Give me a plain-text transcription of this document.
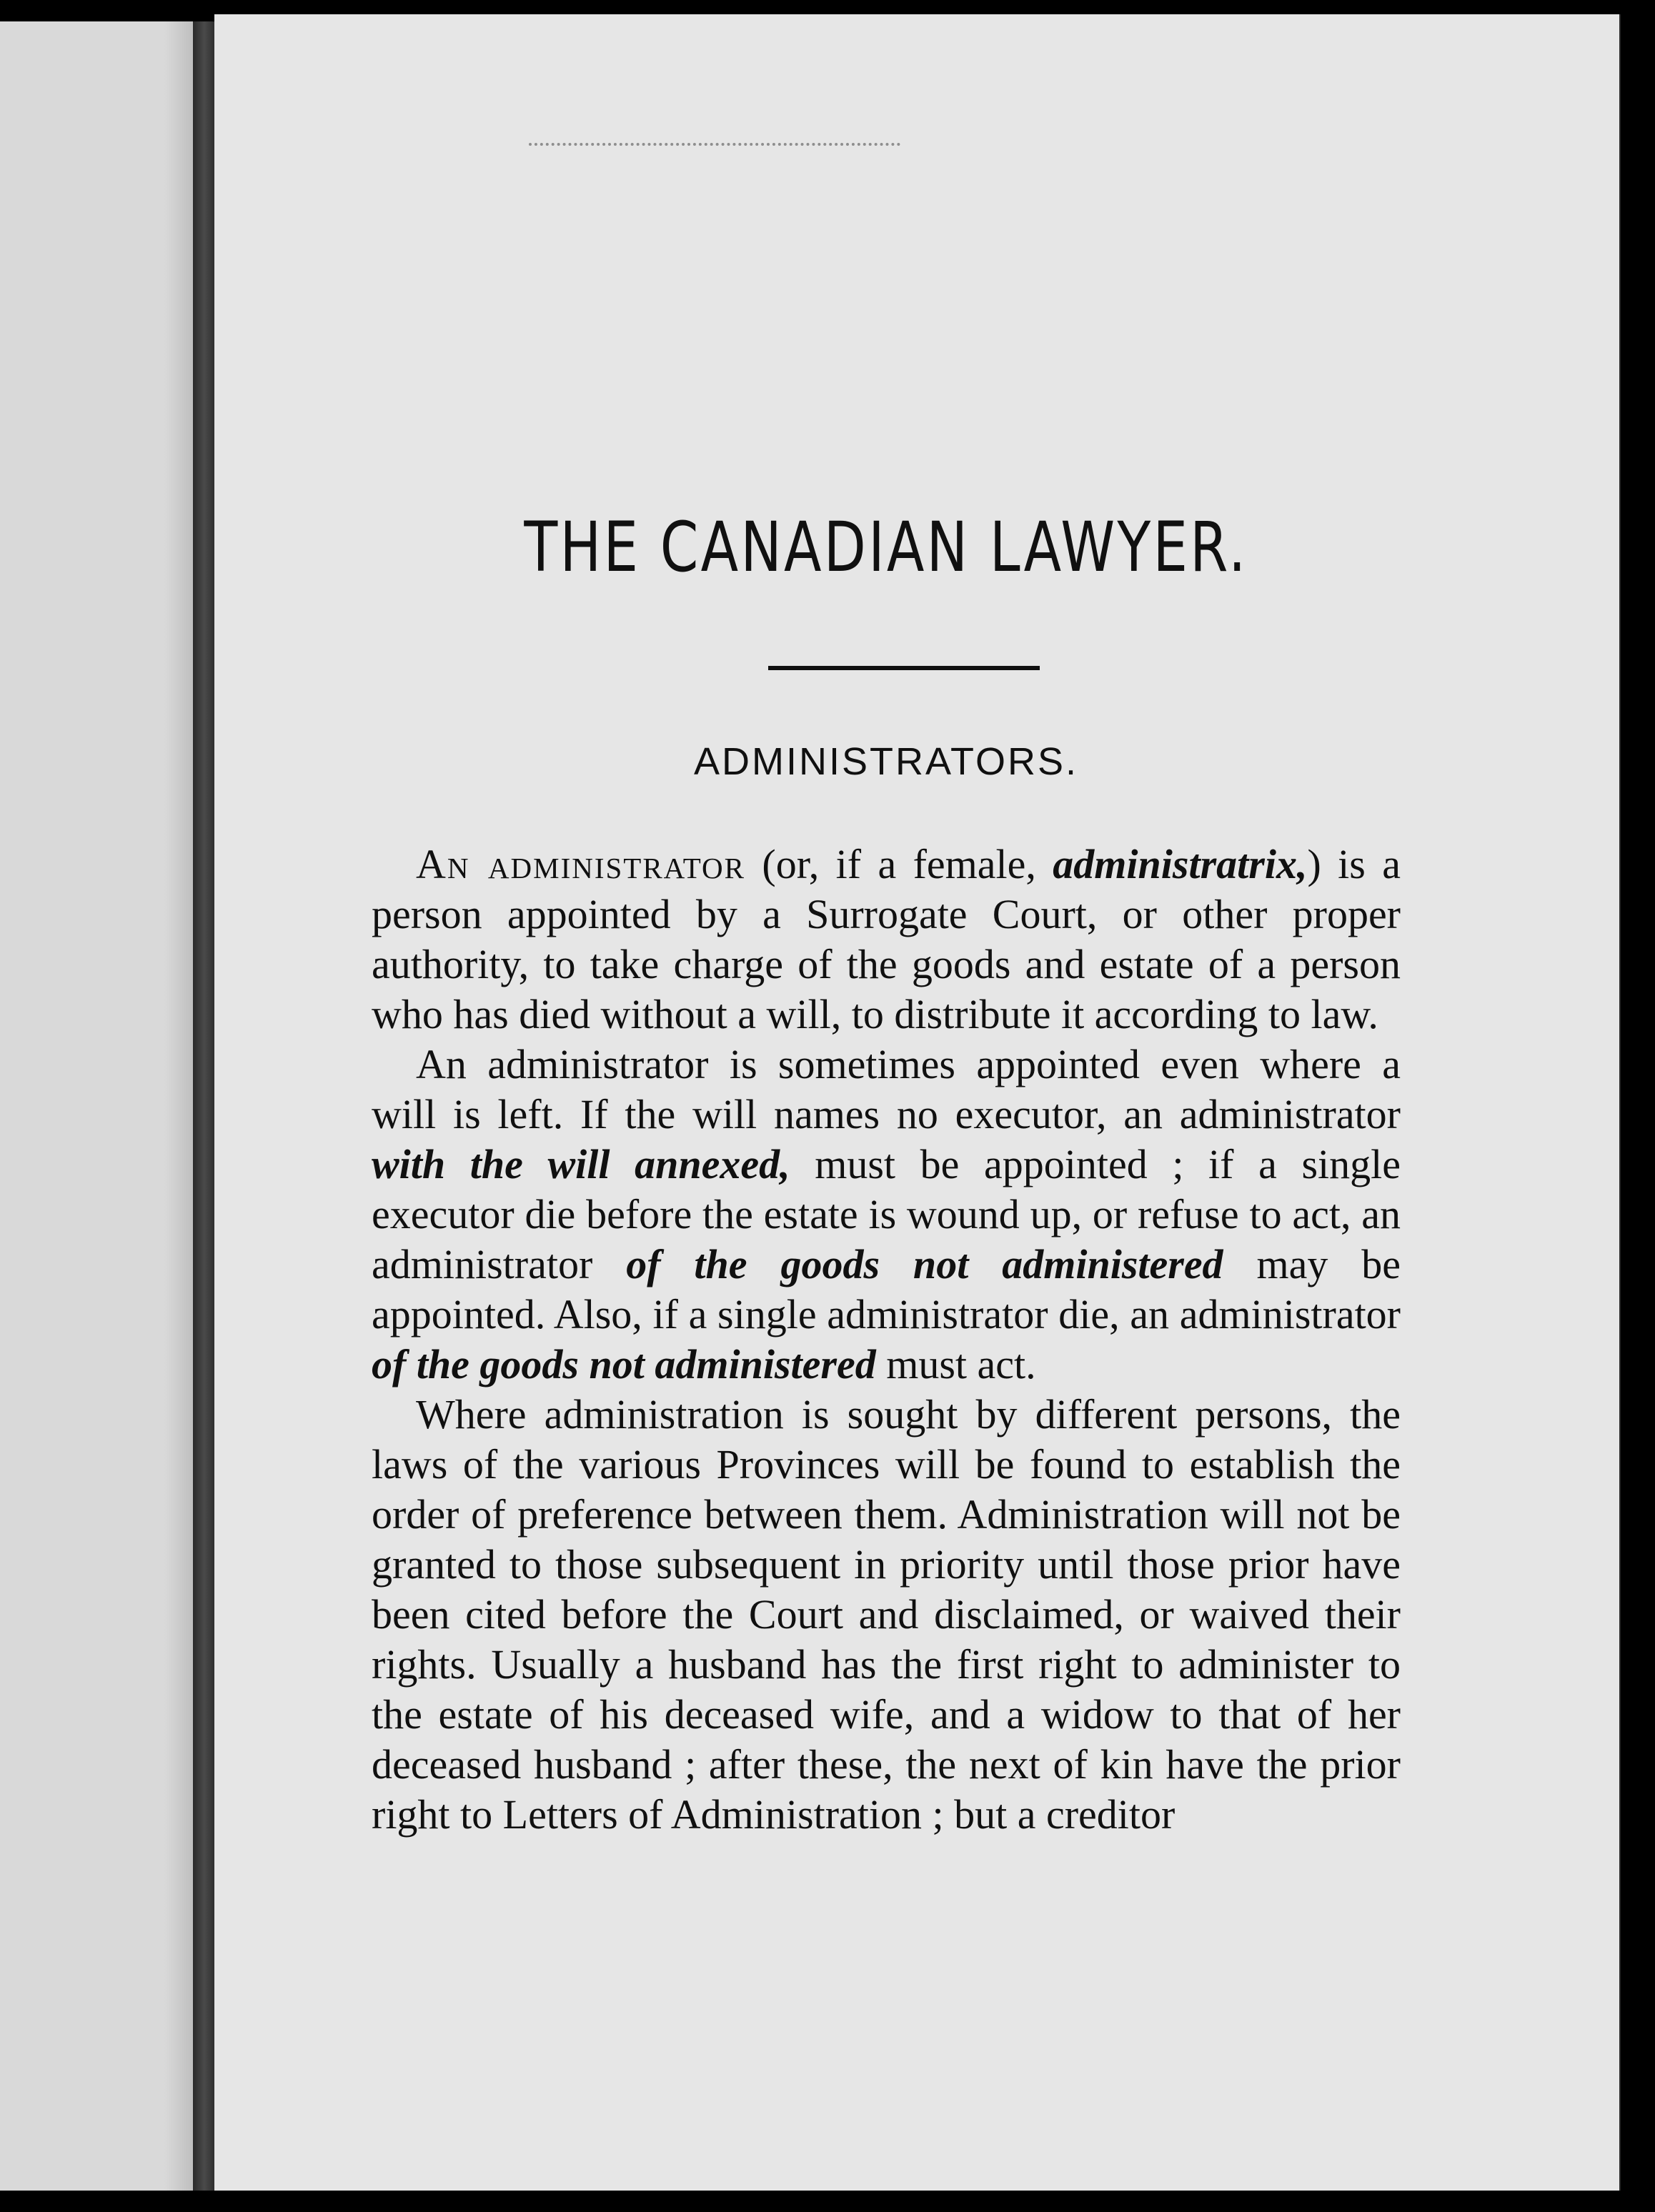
THE CANADIAN LAWYER.
ADMINISTRATORS.

An administrator (or, if a female, administratrix,) is a person appointed by a Surrogate Court, or other proper authority, to take charge of the goods and estate of a person who has died without a will, to distribute it according to law.

An administrator is sometimes appointed even where a will is left. If the will names no executor, an administrator with the will annexed, must be appointed ; if a single executor die before the estate is wound up, or refuse to act, an administrator of the goods not administered may be appointed. Also, if a single administrator die, an administrator of the goods not administered must act.

Where administration is sought by different persons, the laws of the various Provinces will be found to establish the order of preference between them. Administration will not be granted to those subsequent in priority until those prior have been cited before the Court and disclaimed, or waived their rights. Usually a husband has the first right to administer to the estate of his deceased wife, and a widow to that of her deceased husband ; after these, the next of kin have the prior right to Letters of Administration ; but a creditor
